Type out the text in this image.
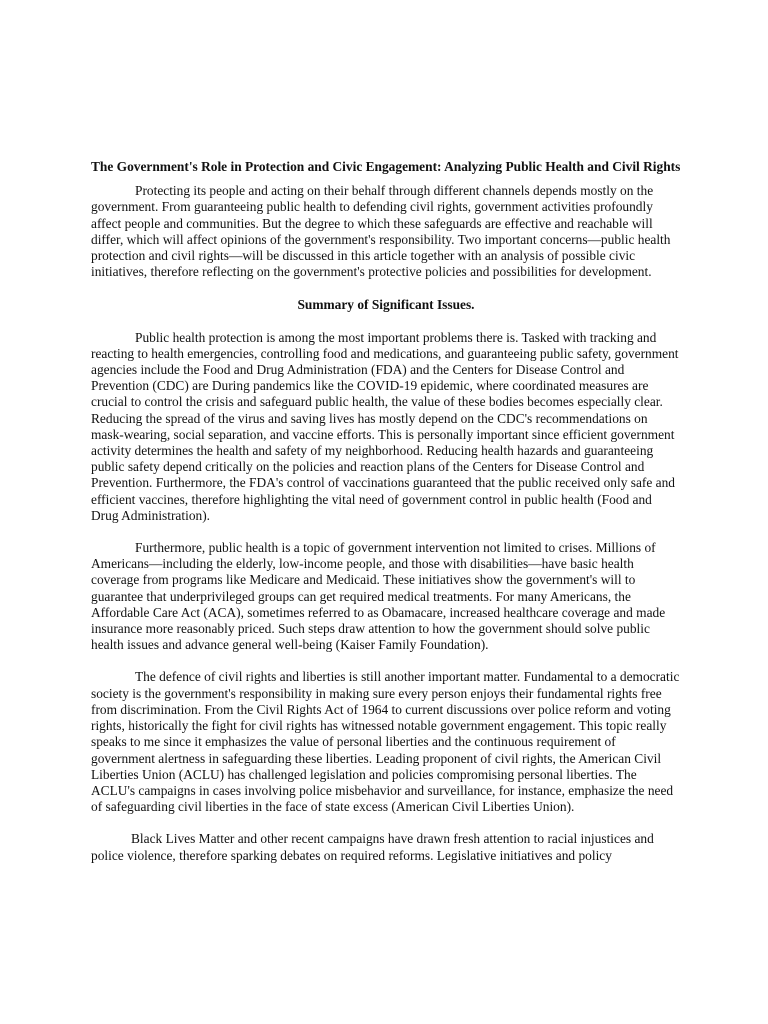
The Government's Role in Protection and Civic Engagement: Analyzing Public Health and Civil Rights

Protecting its people and acting on their behalf through different channels depends mostly on the government. From guaranteeing public health to defending civil rights, government activities profoundly affect people and communities. But the degree to which these safeguards are effective and reachable will differ, which will affect opinions of the government's responsibility. Two important concerns—public health protection and civil rights—will be discussed in this article together with an analysis of possible civic initiatives, therefore reflecting on the government's protective policies and possibilities for development.

Summary of Significant Issues.

Public health protection is among the most important problems there is. Tasked with tracking and reacting to health emergencies, controlling food and medications, and guaranteeing public safety, government agencies include the Food and Drug Administration (FDA) and the Centers for Disease Control and Prevention (CDC) are During pandemics like the COVID-19 epidemic, where coordinated measures are crucial to control the crisis and safeguard public health, the value of these bodies becomes especially clear. Reducing the spread of the virus and saving lives has mostly depend on the CDC's recommendations on mask-wearing, social separation, and vaccine efforts. This is personally important since efficient government activity determines the health and safety of my neighborhood. Reducing health hazards and guaranteeing public safety depend critically on the policies and reaction plans of the Centers for Disease Control and Prevention. Furthermore, the FDA's control of vaccinations guaranteed that the public received only safe and efficient vaccines, therefore highlighting the vital need of government control in public health (Food and Drug Administration).

Furthermore, public health is a topic of government intervention not limited to crises. Millions of Americans—including the elderly, low-income people, and those with disabilities—have basic health coverage from programs like Medicare and Medicaid. These initiatives show the government's will to guarantee that underprivileged groups can get required medical treatments. For many Americans, the Affordable Care Act (ACA), sometimes referred to as Obamacare, increased healthcare coverage and made insurance more reasonably priced. Such steps draw attention to how the government should solve public health issues and advance general well-being (Kaiser Family Foundation).

The defence of civil rights and liberties is still another important matter. Fundamental to a democratic society is the government's responsibility in making sure every person enjoys their fundamental rights free from discrimination. From the Civil Rights Act of 1964 to current discussions over police reform and voting rights, historically the fight for civil rights has witnessed notable government engagement. This topic really speaks to me since it emphasizes the value of personal liberties and the continuous requirement of government alertness in safeguarding these liberties. Leading proponent of civil rights, the American Civil Liberties Union (ACLU) has challenged legislation and policies compromising personal liberties. The ACLU's campaigns in cases involving police misbehavior and surveillance, for instance, emphasize the need of safeguarding civil liberties in the face of state excess (American Civil Liberties Union).

Black Lives Matter and other recent campaigns have drawn fresh attention to racial injustices and police violence, therefore sparking debates on required reforms. Legislative initiatives and policy
